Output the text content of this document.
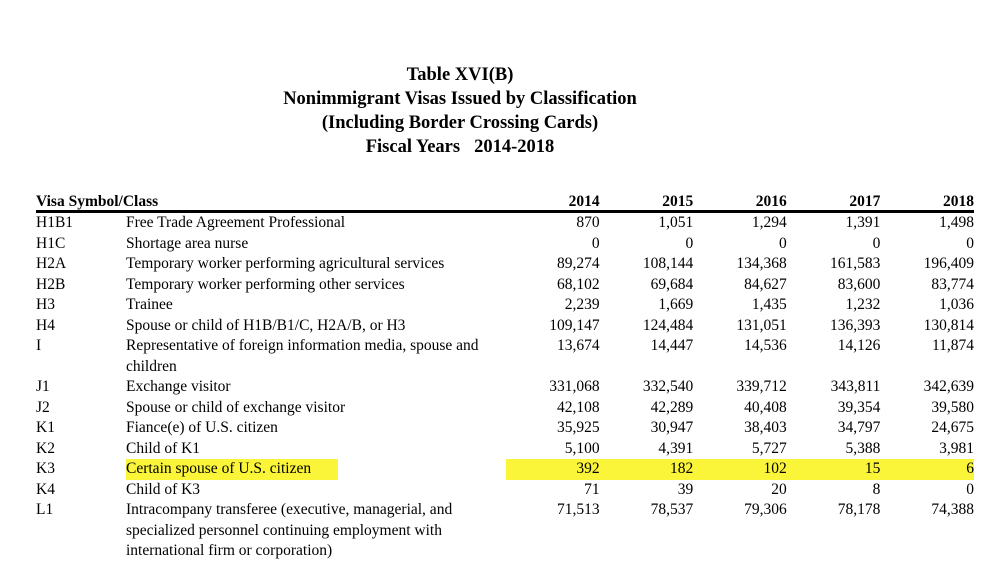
Table XVI(B)
Nonimmigrant Visas Issued by Classification
(Including Border Crossing Cards)
Fiscal Years 2014-2018
Visa Symbol/Class		2014	2015	2016	2017	2018
H1B1	Free Trade Agreement Professional	870	1,051	1,294	1,391	1,498
H1C	Shortage area nurse	0	0	0	0	0
H2A	Temporary worker performing agricultural services	89,274	108,144	134,368	161,583	196,409
H2B	Temporary worker performing other services	68,102	69,684	84,627	83,600	83,774
H3	Trainee	2,239	1,669	1,435	1,232	1,036
H4	Spouse or child of H1B/B1/C, H2A/B, or H3	109,147	124,484	131,051	136,393	130,814
I	Representative of foreign information media, spouse and children	13,674	14,447	14,536	14,126	11,874
J1	Exchange visitor	331,068	332,540	339,712	343,811	342,639
J2	Spouse or child of exchange visitor	42,108	42,289	40,408	39,354	39,580
K1	Fiance(e) of U.S. citizen	35,925	30,947	38,403	34,797	24,675
K2	Child of K1	5,100	4,391	5,727	5,388	3,981
K3	Certain spouse of U.S. citizen	392	182	102	15	6
K4	Child of K3	71	39	20	8	0
L1	Intracompany transferee (executive, managerial, and specialized personnel continuing employment with international firm or corporation)	71,513	78,537	79,306	78,178	74,388
